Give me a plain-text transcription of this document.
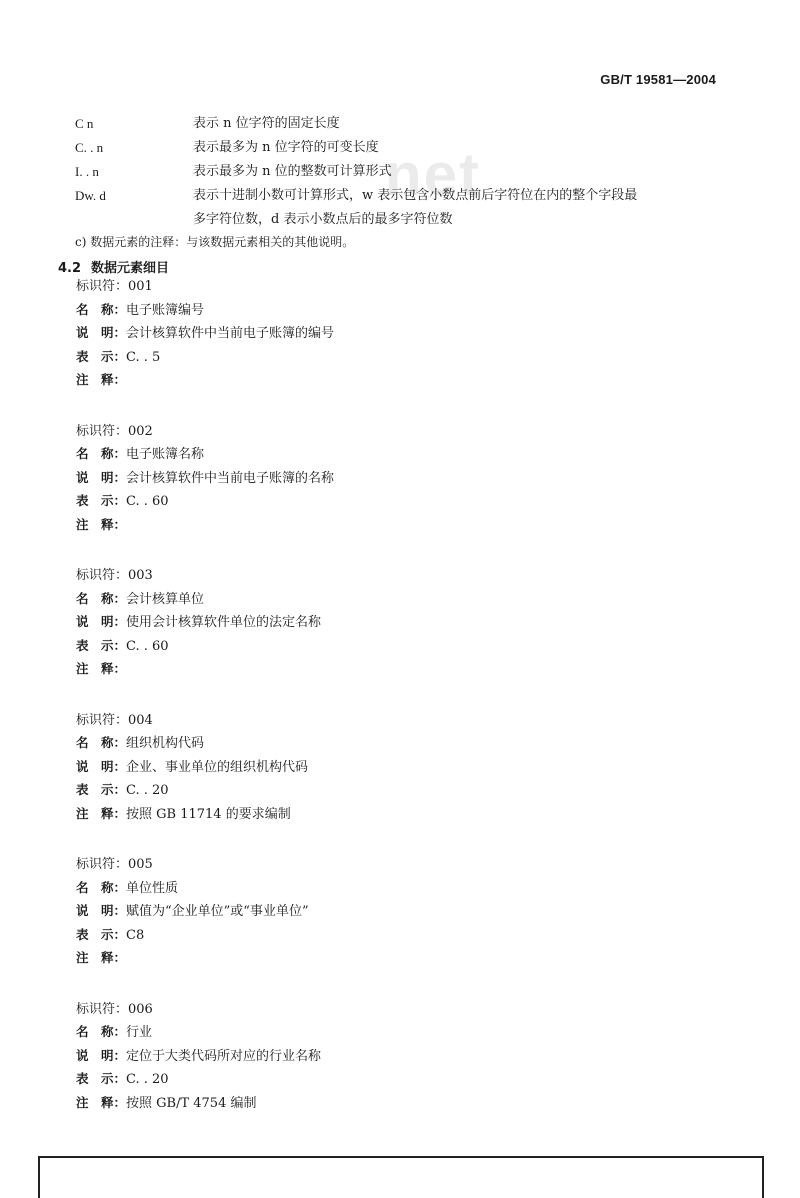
GB/T 19581—2004
net
C n	表示 n 位字符的固定长度
C. . n	表示最多为 n 位字符的可变长度
I. . n	表示最多为 n 位的整数可计算形式
Dw. d	表示十进制小数可计算形式，w 表示包含小数点前后字符位在内的整个字段最
多字符位数，d 表示小数点后的最多字符位数
c) 数据元素的注释：与该数据元素相关的其他说明。
4.2 数据元素细目
标识符：001
名　称：电子账簿编号
说　明：会计核算软件中当前电子账簿的编号
表　示：C. . 5
注　释：
标识符：002
名　称：电子账簿名称
说　明：会计核算软件中当前电子账簿的名称
表　示：C. . 60
注　释：
标识符：003
名　称：会计核算单位
说　明：使用会计核算软件单位的法定名称
表　示：C. . 60
注　释：
标识符：004
名　称：组织机构代码
说　明：企业、事业单位的组织机构代码
表　示：C. . 20
注　释：按照 GB 11714 的要求编制
标识符：005
名　称：单位性质
说　明：赋值为“企业单位”或“事业单位”
表　示：C8
注　释：
标识符：006
名　称：行业
说　明：定位于大类代码所对应的行业名称
表　示：C. . 20
注　释：按照 GB/T 4754 编制
